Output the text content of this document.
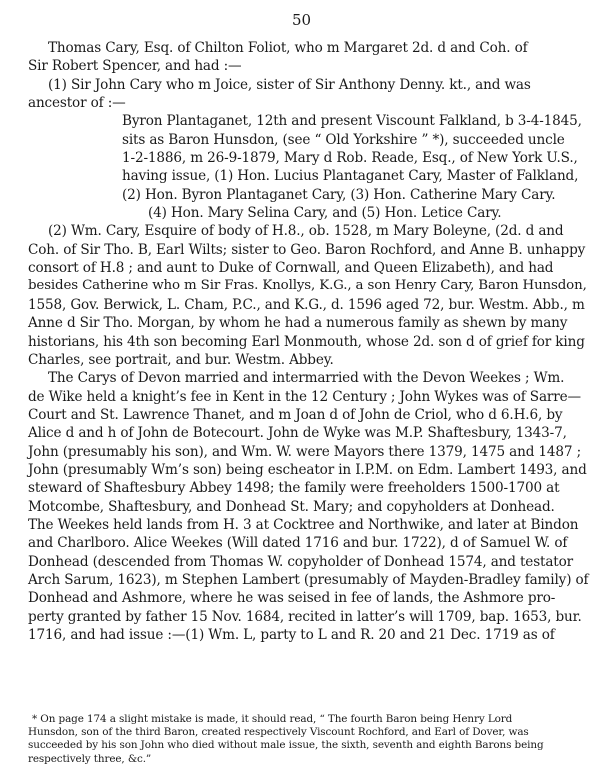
50
Thomas Cary, Esq. of Chilton Foliot, who m Margaret 2d. d and Coh. of
Sir Robert Spencer, and had :—
(1) Sir John Cary who m Joice, sister of Sir Anthony Denny. kt., and was
ancestor of :—
Byron Plantaganet, 12th and present Viscount Falkland, b 3-4-1845,
sits as Baron Hunsdon, (see “ Old Yorkshire ” *), succeeded uncle
1-2-1886, m 26-9-1879, Mary d Rob. Reade, Esq., of New York U.S.,
having issue, (1) Hon. Lucius Plantaganet Cary, Master of Falkland,
(2) Hon. Byron Plantaganet Cary, (3) Hon. Catherine Mary Cary.
(4) Hon. Mary Selina Cary, and (5) Hon. Letice Cary.
(2) Wm. Cary, Esquire of body of H.8., ob. 1528, m Mary Boleyne, (2d. d and
Coh. of Sir Tho. B, Earl Wilts; sister to Geo. Baron Rochford, and Anne B. unhappy
consort of H.8 ; and aunt to Duke of Cornwall, and Queen Elizabeth), and had
besides Catherine who m Sir Fras. Knollys, K.G., a son Henry Cary, Baron Hunsdon,
1558, Gov. Berwick, L. Cham, P.C., and K.G., d. 1596 aged 72, bur. Westm. Abb., m
Anne d Sir Tho. Morgan, by whom he had a numerous family as shewn by many
historians, his 4th son becoming Earl Monmouth, whose 2d. son d of grief for king
Charles, see portrait, and bur. Westm. Abbey.
The Carys of Devon married and intermarried with the Devon Weekes ; Wm.
de Wike held a knight’s fee in Kent in the 12 Century ; John Wykes was of Sarre—
Court and St. Lawrence Thanet, and m Joan d of John de Criol, who d 6.H.6, by
Alice d and h of John de Botecourt. John de Wyke was M.P. Shaftesbury, 1343-7,
John (presumably his son), and Wm. W. were Mayors there 1379, 1475 and 1487 ;
John (presumably Wm’s son) being escheator in I.P.M. on Edm. Lambert 1493, and
steward of Shaftesbury Abbey 1498; the family were freeholders 1500-1700 at
Motcombe, Shaftesbury, and Donhead St. Mary; and copyholders at Donhead.
The Weekes held lands from H. 3 at Cocktree and Northwike, and later at Bindon
and Charlboro. Alice Weekes (Will dated 1716 and bur. 1722), d of Samuel W. of
Donhead (descended from Thomas W. copyholder of Donhead 1574, and testator
Arch Sarum, 1623), m Stephen Lambert (presumably of Mayden-Bradley family) of
Donhead and Ashmore, where he was seised in fee of lands, the Ashmore pro-
perty granted by father 15 Nov. 1684, recited in latter’s will 1709, bap. 1653, bur.
1716, and had issue :—(1) Wm. L, party to L and R. 20 and 21 Dec. 1719 as of
* On page 174 a slight mistake is made, it should read, “ The fourth Baron being Henry Lord
Hunsdon, son of the third Baron, created respectively Viscount Rochford, and Earl of Dover, was
succeeded by his son John who died without male issue, the sixth, seventh and eighth Barons being
respectively three, &c.”
